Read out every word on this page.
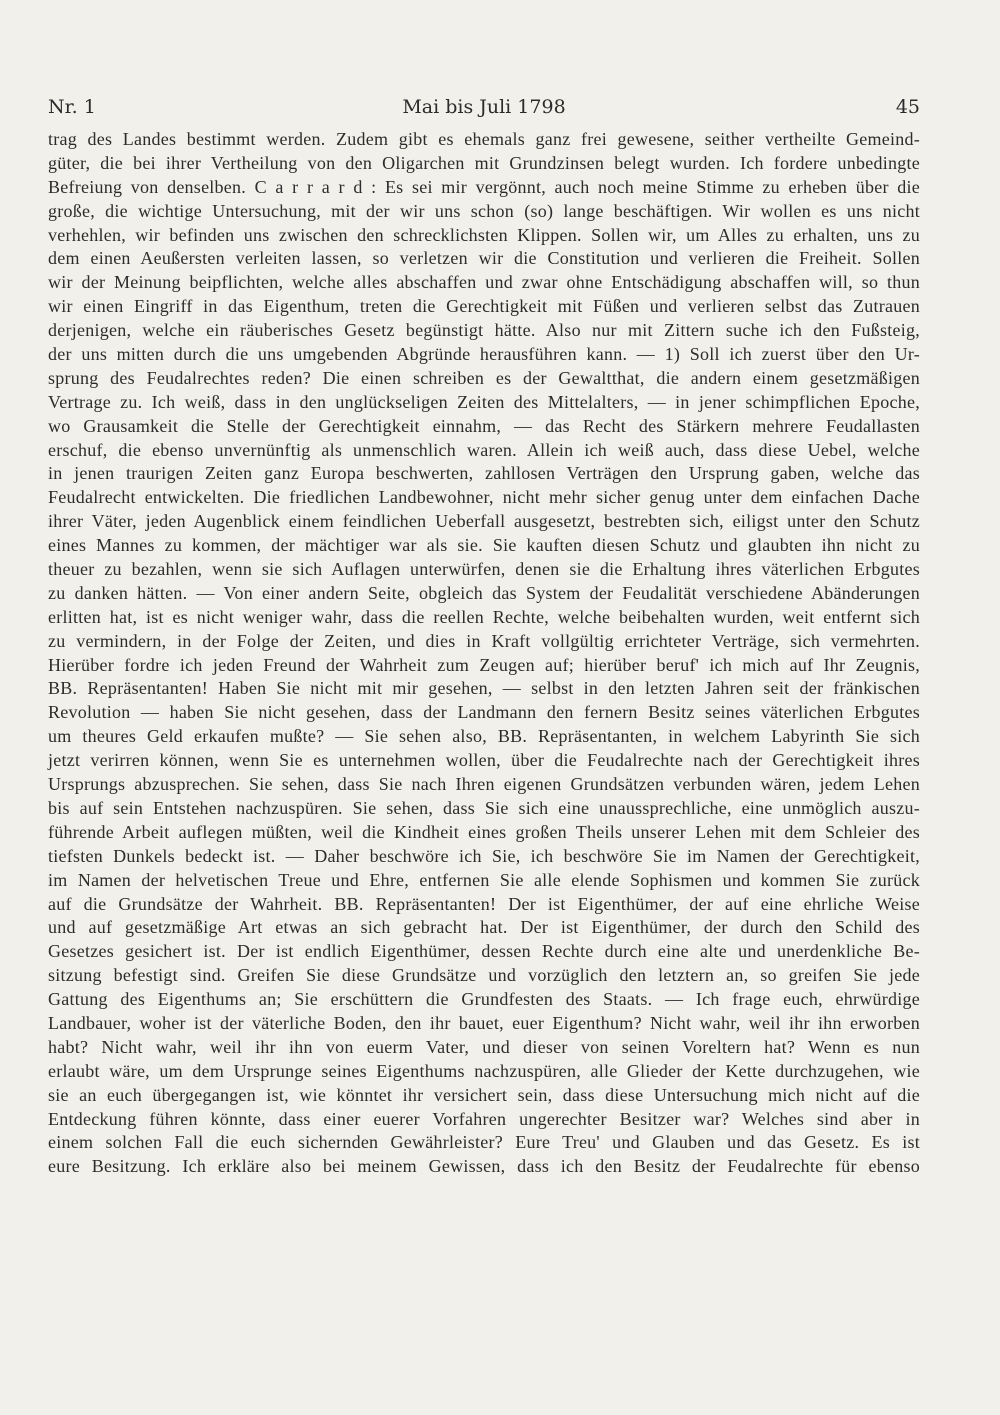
Nr. 1	Mai bis Juli 1798	45
trag des Landes bestimmt werden. Zudem gibt es ehemals ganz frei gewesene, seither vertheilte Gemeind-
güter, die bei ihrer Vertheilung von den Oligarchen mit Grundzinsen belegt wurden. Ich fordere unbedingte
Befreiung von denselben. C a r r a r d : Es sei mir vergönnt, auch noch meine Stimme zu erheben über die
große, die wichtige Untersuchung, mit der wir uns schon (so) lange beschäftigen. Wir wollen es uns nicht
verhehlen, wir befinden uns zwischen den schrecklichsten Klippen. Sollen wir, um Alles zu erhalten, uns zu
dem einen Aeußersten verleiten lassen, so verletzen wir die Constitution und verlieren die Freiheit. Sollen
wir der Meinung beipflichten, welche alles abschaffen und zwar ohne Entschädigung abschaffen will, so thun
wir einen Eingriff in das Eigenthum, treten die Gerechtigkeit mit Füßen und verlieren selbst das Zutrauen
derjenigen, welche ein räuberisches Gesetz begünstigt hätte. Also nur mit Zittern suche ich den Fußsteig,
der uns mitten durch die uns umgebenden Abgründe herausführen kann. — 1) Soll ich zuerst über den Ur-
sprung des Feudalrechtes reden? Die einen schreiben es der Gewaltthat, die andern einem gesetzmäßigen
Vertrage zu. Ich weiß, dass in den unglückseligen Zeiten des Mittelalters, — in jener schimpflichen Epoche,
wo Grausamkeit die Stelle der Gerechtigkeit einnahm, — das Recht des Stärkern mehrere Feudallasten
erschuf, die ebenso unvernünftig als unmenschlich waren. Allein ich weiß auch, dass diese Uebel, welche
in jenen traurigen Zeiten ganz Europa beschwerten, zahllosen Verträgen den Ursprung gaben, welche das
Feudalrecht entwickelten. Die friedlichen Landbewohner, nicht mehr sicher genug unter dem einfachen Dache
ihrer Väter, jeden Augenblick einem feindlichen Ueberfall ausgesetzt, bestrebten sich, eiligst unter den Schutz
eines Mannes zu kommen, der mächtiger war als sie. Sie kauften diesen Schutz und glaubten ihn nicht zu
theuer zu bezahlen, wenn sie sich Auflagen unterwürfen, denen sie die Erhaltung ihres väterlichen Erbgutes
zu danken hätten. — Von einer andern Seite, obgleich das System der Feudalität verschiedene Abänderungen
erlitten hat, ist es nicht weniger wahr, dass die reellen Rechte, welche beibehalten wurden, weit entfernt sich
zu vermindern, in der Folge der Zeiten, und dies in Kraft vollgültig errichteter Verträge, sich vermehrten.
Hierüber fordre ich jeden Freund der Wahrheit zum Zeugen auf; hierüber beruf' ich mich auf Ihr Zeugnis,
BB. Repräsentanten! Haben Sie nicht mit mir gesehen, — selbst in den letzten Jahren seit der fränkischen
Revolution — haben Sie nicht gesehen, dass der Landmann den fernern Besitz seines väterlichen Erbgutes
um theures Geld erkaufen mußte? — Sie sehen also, BB. Repräsentanten, in welchem Labyrinth Sie sich
jetzt verirren können, wenn Sie es unternehmen wollen, über die Feudalrechte nach der Gerechtigkeit ihres
Ursprungs abzusprechen. Sie sehen, dass Sie nach Ihren eigenen Grundsätzen verbunden wären, jedem Lehen
bis auf sein Entstehen nachzuspüren. Sie sehen, dass Sie sich eine unaussprechliche, eine unmöglich auszu-
führende Arbeit auflegen müßten, weil die Kindheit eines großen Theils unserer Lehen mit dem Schleier des
tiefsten Dunkels bedeckt ist. — Daher beschwöre ich Sie, ich beschwöre Sie im Namen der Gerechtigkeit,
im Namen der helvetischen Treue und Ehre, entfernen Sie alle elende Sophismen und kommen Sie zurück
auf die Grundsätze der Wahrheit. BB. Repräsentanten! Der ist Eigenthümer, der auf eine ehrliche Weise
und auf gesetzmäßige Art etwas an sich gebracht hat. Der ist Eigenthümer, der durch den Schild des
Gesetzes gesichert ist. Der ist endlich Eigenthümer, dessen Rechte durch eine alte und unerdenkliche Be-
sitzung befestigt sind. Greifen Sie diese Grundsätze und vorzüglich den letztern an, so greifen Sie jede
Gattung des Eigenthums an; Sie erschüttern die Grundfesten des Staats. — Ich frage euch, ehrwürdige
Landbauer, woher ist der väterliche Boden, den ihr bauet, euer Eigenthum? Nicht wahr, weil ihr ihn erworben
habt? Nicht wahr, weil ihr ihn von euerm Vater, und dieser von seinen Voreltern hat? Wenn es nun
erlaubt wäre, um dem Ursprunge seines Eigenthums nachzuspüren, alle Glieder der Kette durchzugehen, wie
sie an euch übergegangen ist, wie könntet ihr versichert sein, dass diese Untersuchung mich nicht auf die
Entdeckung führen könnte, dass einer euerer Vorfahren ungerechter Besitzer war? Welches sind aber in
einem solchen Fall die euch sichernden Gewährleister? Eure Treu' und Glauben und das Gesetz. Es ist
eure Besitzung. Ich erkläre also bei meinem Gewissen, dass ich den Besitz der Feudalrechte für ebenso
